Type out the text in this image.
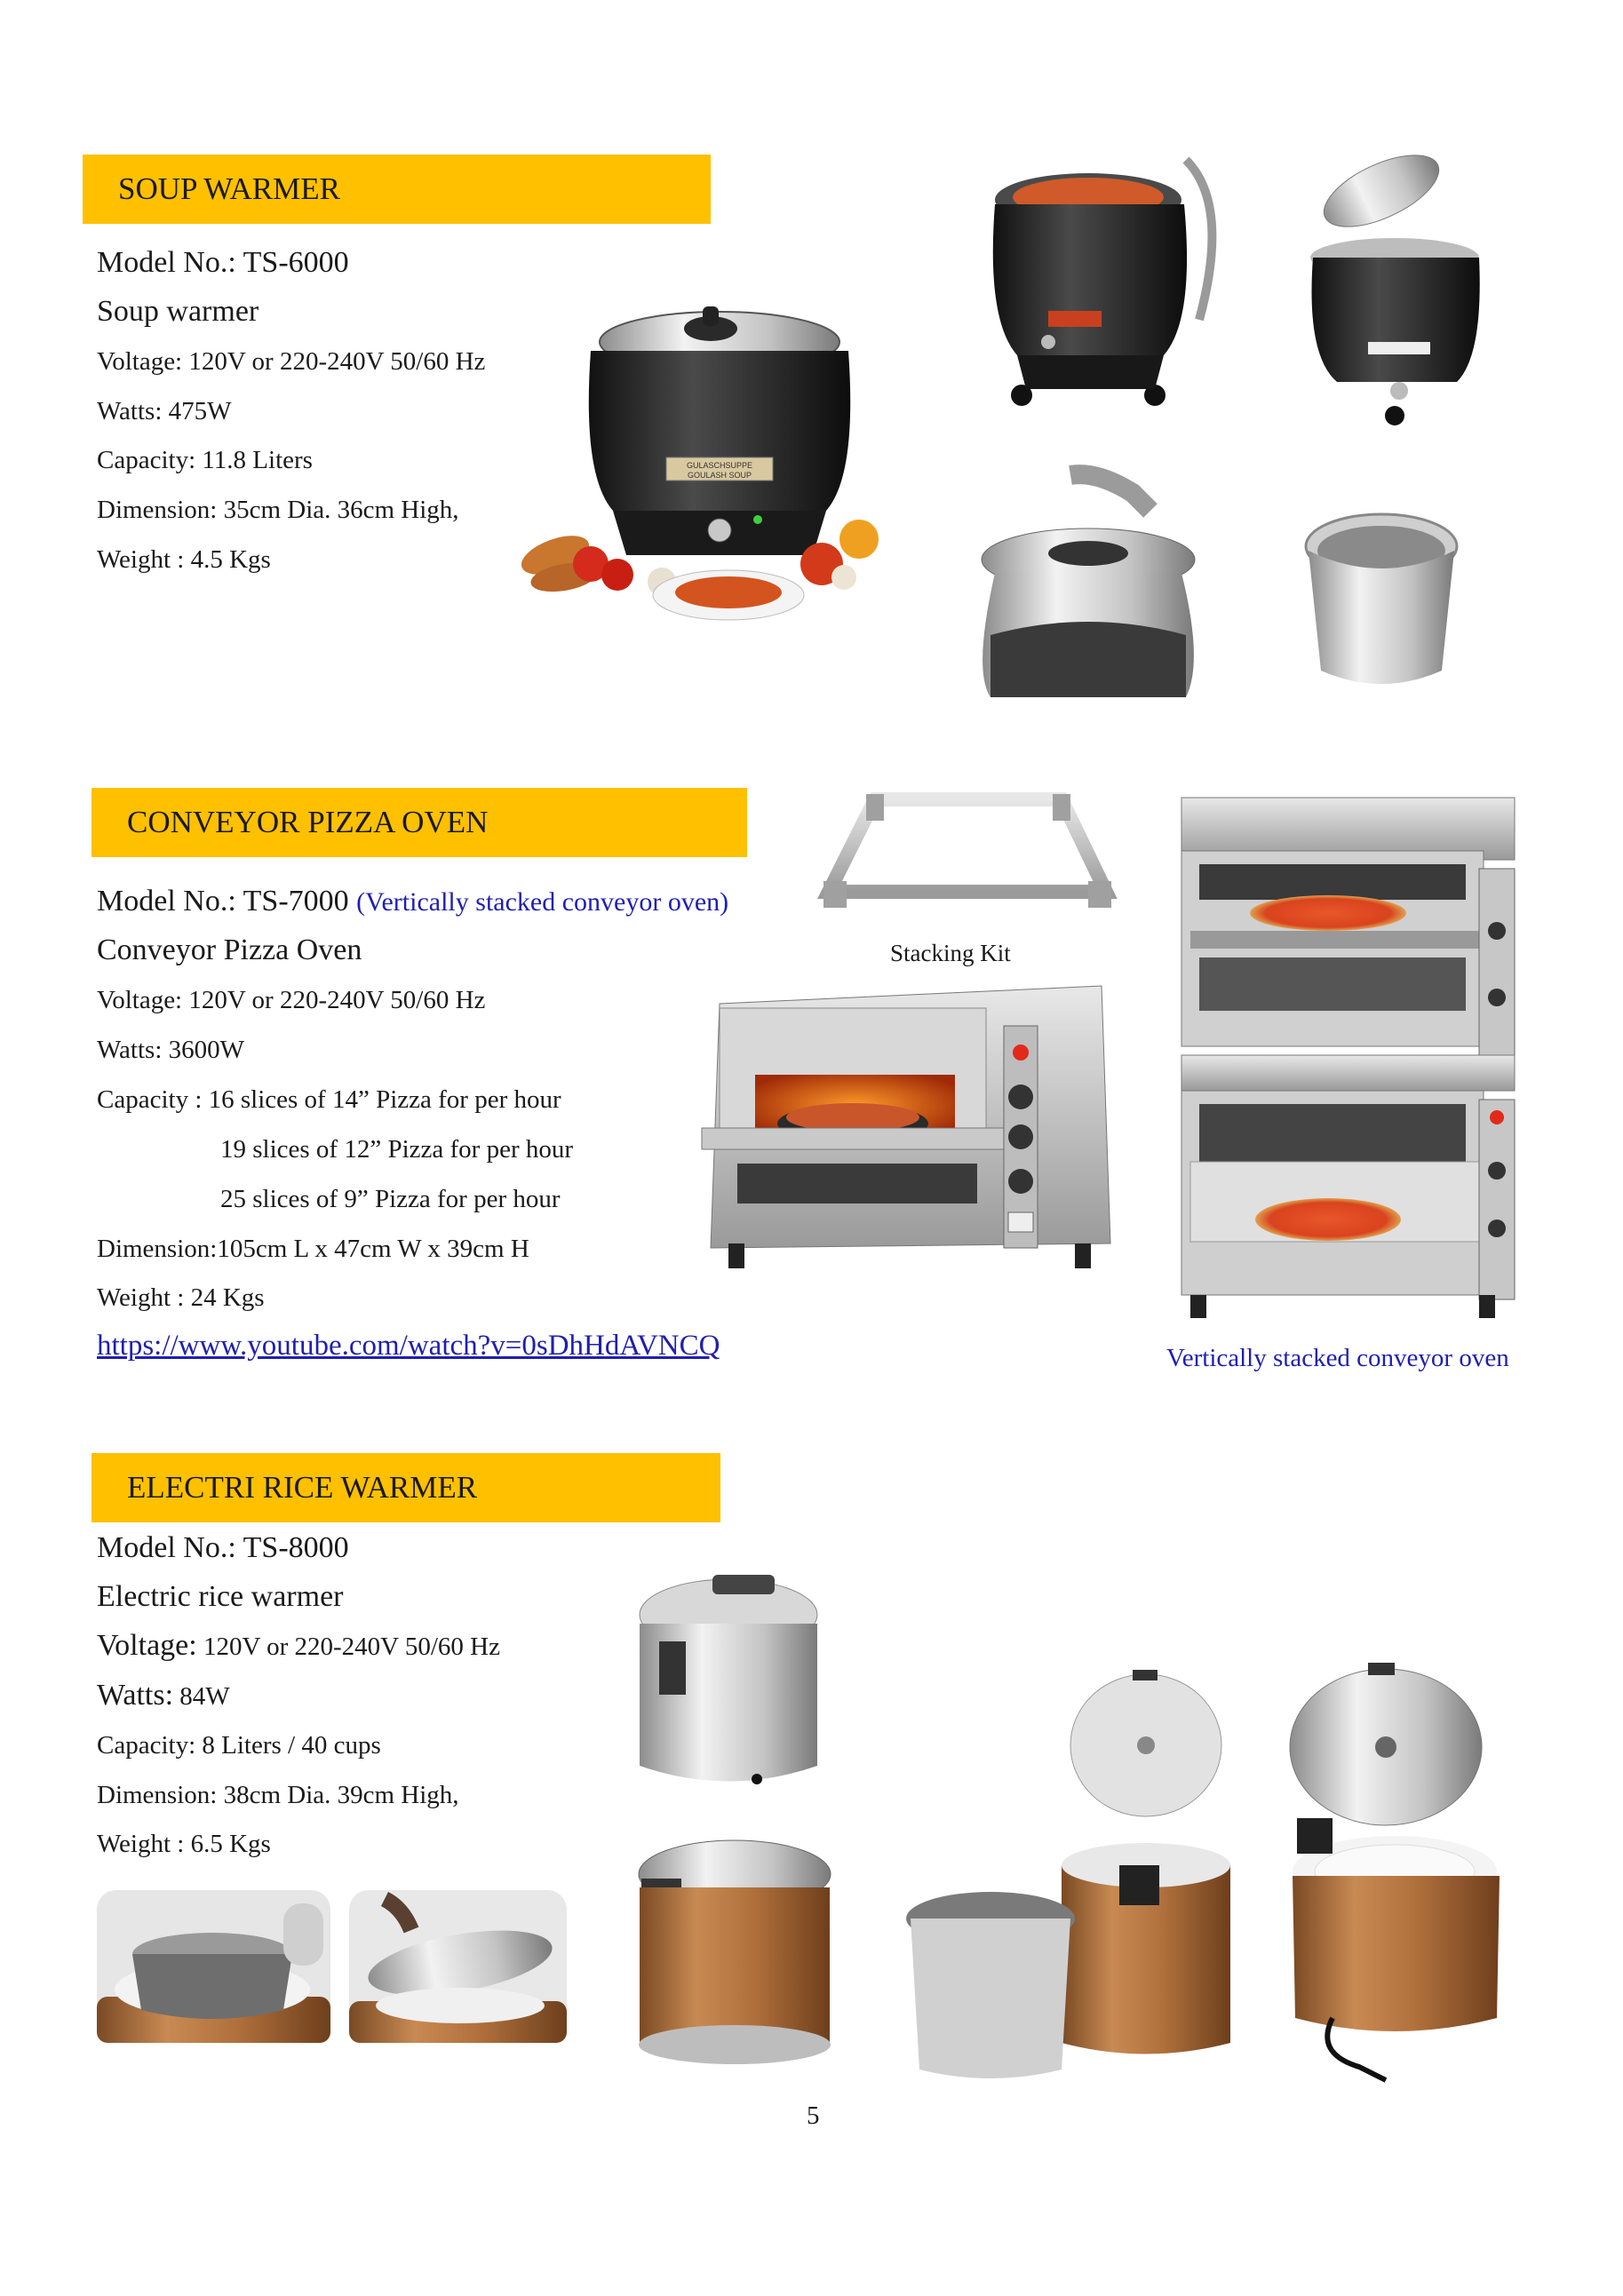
SOUP WARMER
Model No.: TS-6000
Soup warmer
Voltage: 120V or 220-240V 50/60 Hz
Watts: 475W
Capacity: 11.8 Liters
Dimension: 35cm Dia. 36cm High,
Weight : 4.5 Kgs
GULASCHSUPPE
GOULASH SOUP
CONVEYOR PIZZA OVEN
Model No.: TS-7000 (Vertically stacked conveyor oven)
Conveyor Pizza Oven
Voltage: 120V or 220-240V 50/60 Hz
Watts: 3600W
Capacity : 16 slices of 14” Pizza for per hour
19 slices of 12” Pizza for per hour
25 slices of 9” Pizza for per hour
Dimension:105cm L x 47cm W x 39cm H
Weight : 24 Kgs
https://www.youtube.com/watch?v=0sDhHdAVNCQ
Stacking Kit
Vertically stacked conveyor oven
ELECTRI RICE WARMER
Model No.: TS-8000
Electric rice warmer
Voltage: 120V or 220-240V 50/60 Hz
Watts: 84W
Capacity: 8 Liters / 40 cups
Dimension: 38cm Dia. 39cm High,
Weight : 6.5 Kgs
5
